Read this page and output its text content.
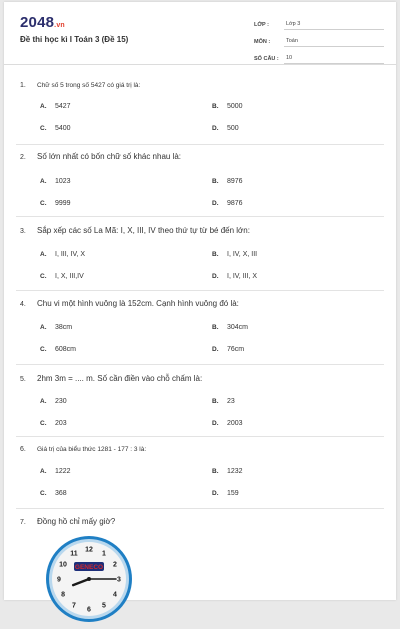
2048.vn
Đề thi học kì I Toán 3 (Đề 15)
LỚP :	Lớp 3
MÔN :	Toán
SỐ CÂU :	10
1. Chữ số 5 trong số 5427 có giá trị là:
A. 5427	B. 5000
C. 5400	D. 500
2. Số lớn nhất có bốn chữ số khác nhau là:
A. 1023	B. 8976
C. 9999	D. 9876
3. Sắp xếp các số La Mã: I, X, III, IV theo thứ tự từ bé đến lớn:
A. I, III, IV, X	B. I, IV, X, III
C. I, X, III,IV	D. I, IV, III, X
4. Chu vi một hình vuông là 152cm. Cạnh hình vuông đó là:
A. 38cm	B. 304cm
C. 608cm	D. 76cm
5. 2hm 3m = .... m. Số cần điền vào chỗ chấm là:
A. 230	B. 23
C. 203	D. 2003
6. Giá trị của biểu thức 1281 - 177 : 3 là:
A. 1222	B. 1232
C. 368	D. 159
7. Đồng hồ chỉ mấy giờ?
12
1
2
3
4
5
6
7
8
9
10
11
GENECO
